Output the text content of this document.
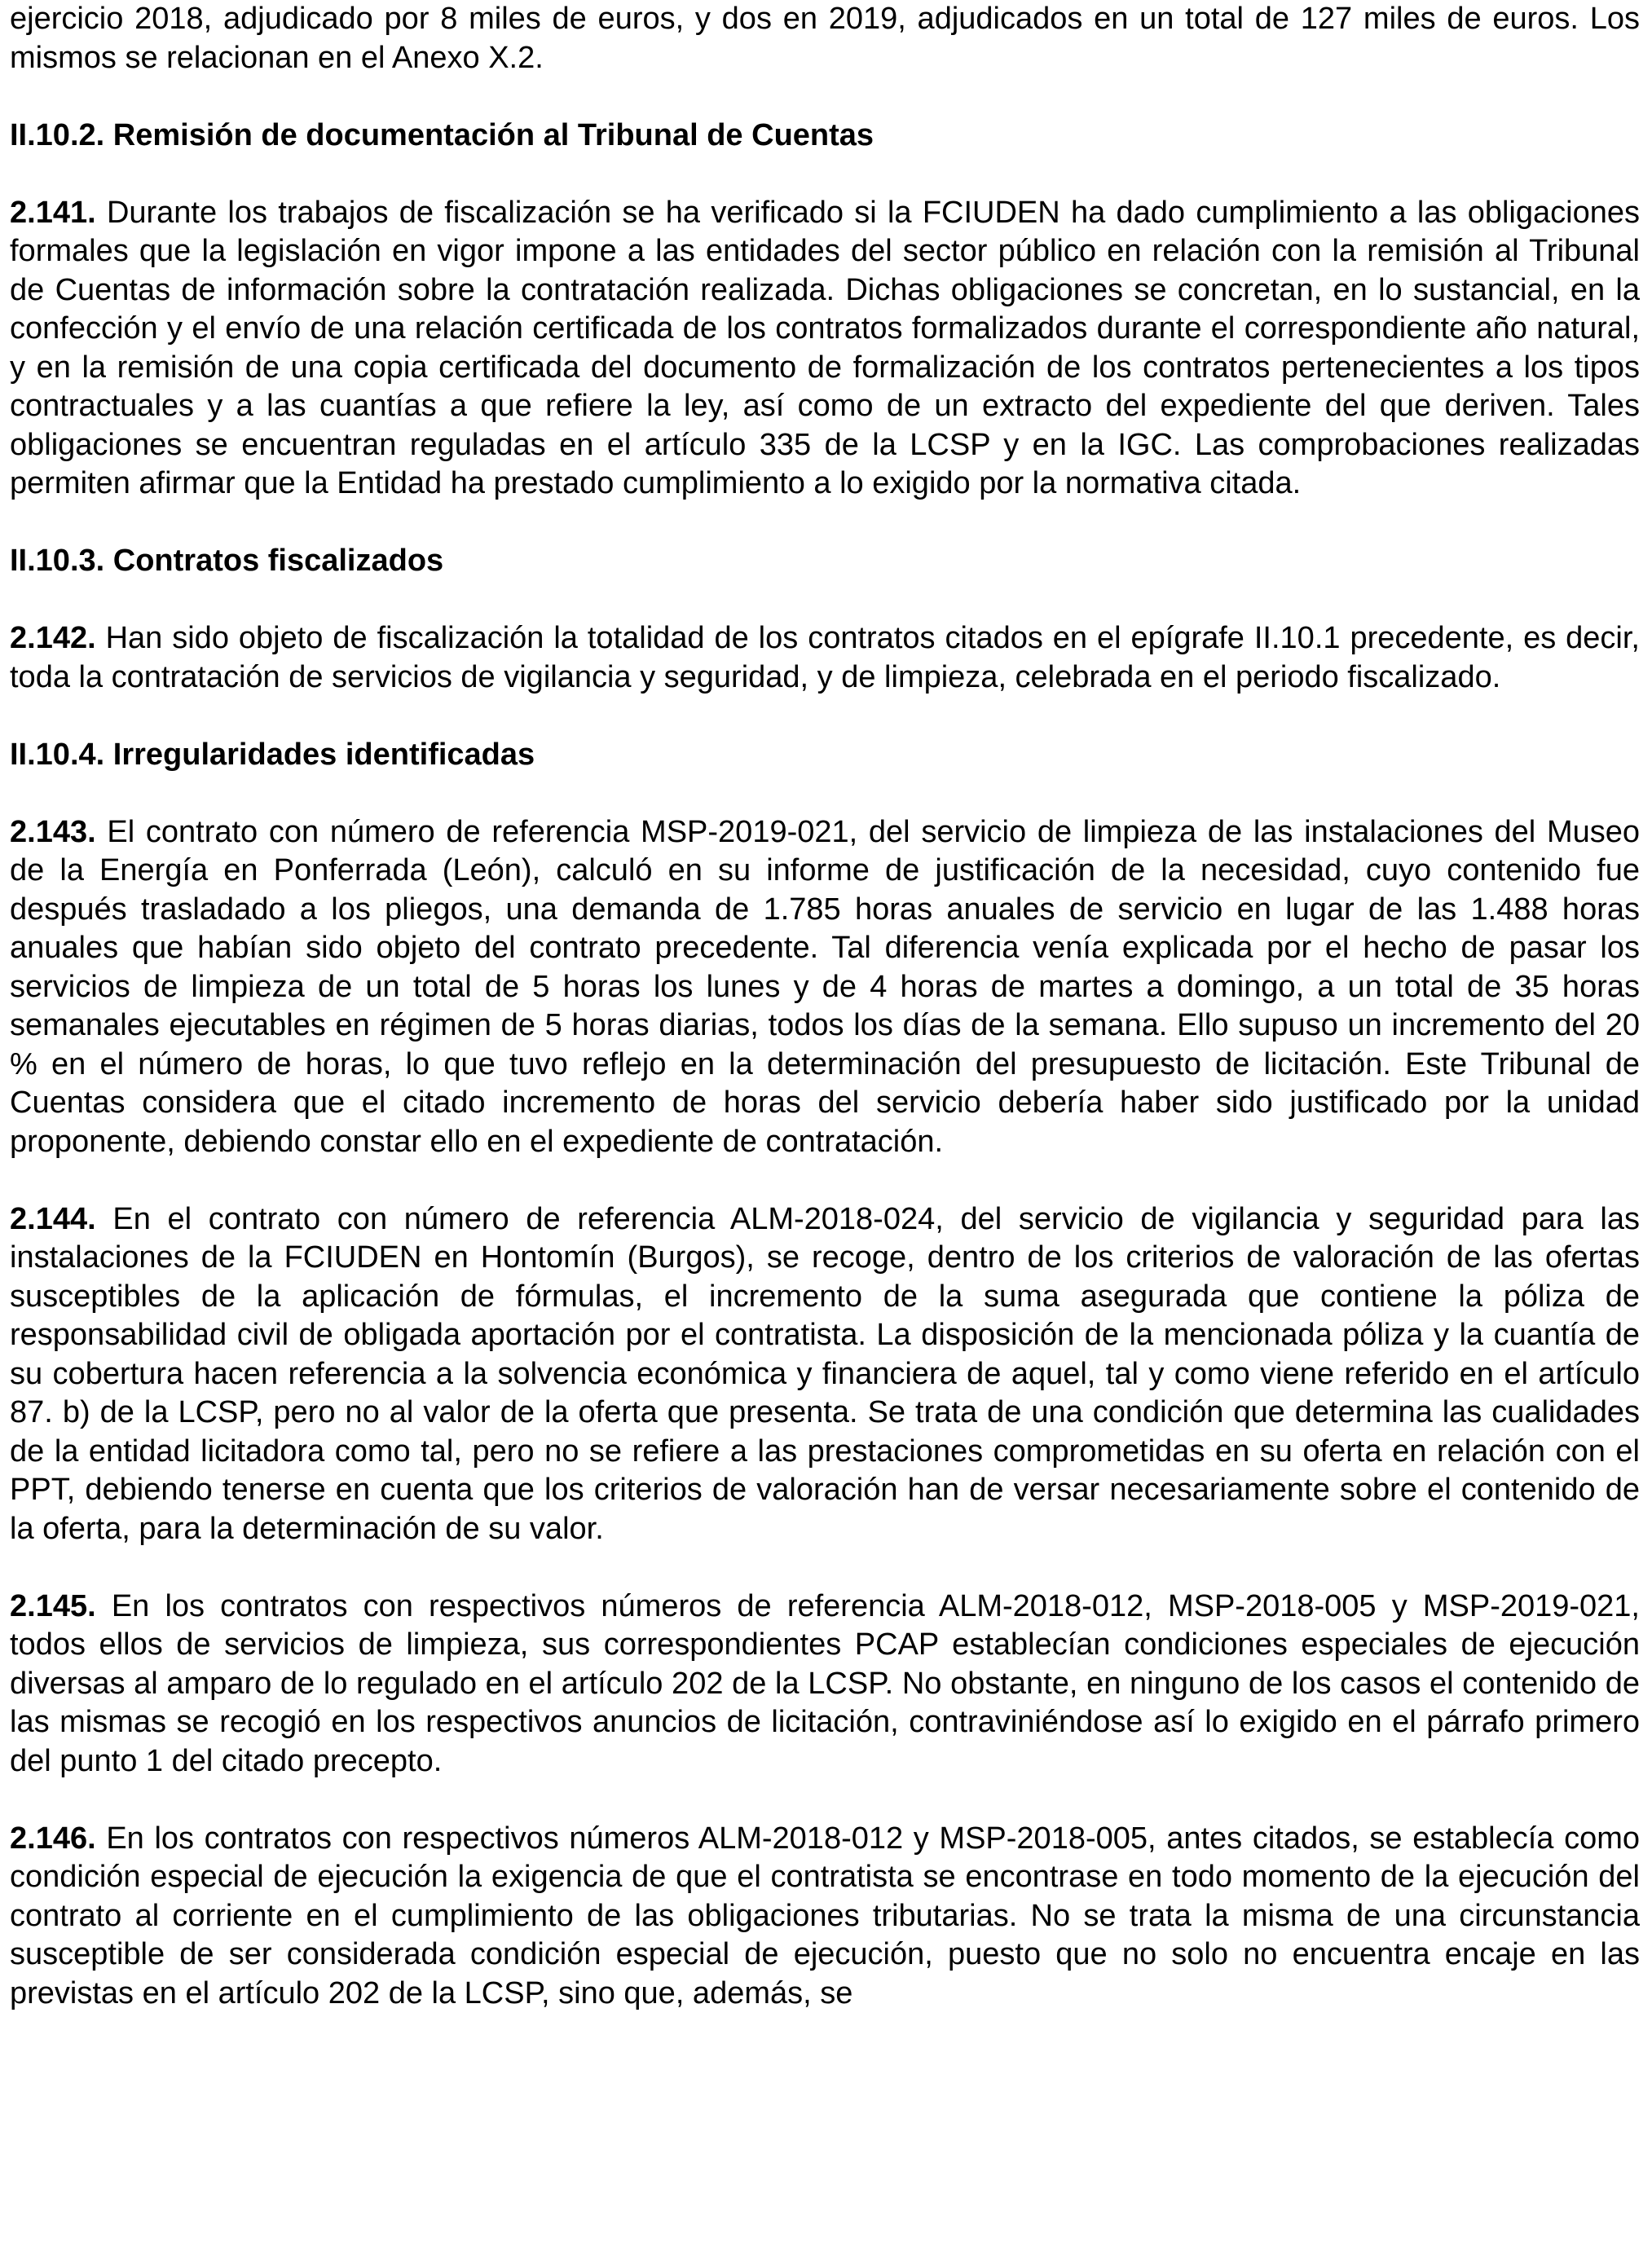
ejercicio 2018, adjudicado por 8 miles de euros, y dos en 2019, adjudicados en un total de 127 miles de euros. Los mismos se relacionan en el Anexo X.2.

II.10.2. Remisión de documentación al Tribunal de Cuentas

2.141. Durante los trabajos de fiscalización se ha verificado si la FCIUDEN ha dado cumplimiento a las obligaciones formales que la legislación en vigor impone a las entidades del sector público en relación con la remisión al Tribunal de Cuentas de información sobre la contratación realizada. Dichas obligaciones se concretan, en lo sustancial, en la confección y el envío de una relación certificada de los contratos formalizados durante el correspondiente año natural, y en la remisión de una copia certificada del documento de formalización de los contratos pertenecientes a los tipos contractuales y a las cuantías a que refiere la ley, así como de un extracto del expediente del que deriven. Tales obligaciones se encuentran reguladas en el artículo 335 de la LCSP y en la IGC. Las comprobaciones realizadas permiten afirmar que la Entidad ha prestado cumplimiento a lo exigido por la normativa citada.

II.10.3. Contratos fiscalizados

2.142. Han sido objeto de fiscalización la totalidad de los contratos citados en el epígrafe II.10.1 precedente, es decir, toda la contratación de servicios de vigilancia y seguridad, y de limpieza, celebrada en el periodo fiscalizado.

II.10.4. Irregularidades identificadas

2.143. El contrato con número de referencia MSP-2019-021, del servicio de limpieza de las instalaciones del Museo de la Energía en Ponferrada (León), calculó en su informe de justificación de la necesidad, cuyo contenido fue después trasladado a los pliegos, una demanda de 1.785 horas anuales de servicio en lugar de las 1.488 horas anuales que habían sido objeto del contrato precedente. Tal diferencia venía explicada por el hecho de pasar los servicios de limpieza de un total de 5 horas los lunes y de 4 horas de martes a domingo, a un total de 35 horas semanales ejecutables en régimen de 5 horas diarias, todos los días de la semana. Ello supuso un incremento del 20 % en el número de horas, lo que tuvo reflejo en la determinación del presupuesto de licitación. Este Tribunal de Cuentas considera que el citado incremento de horas del servicio debería haber sido justificado por la unidad proponente, debiendo constar ello en el expediente de contratación.

2.144. En el contrato con número de referencia ALM-2018-024, del servicio de vigilancia y seguridad para las instalaciones de la FCIUDEN en Hontomín (Burgos), se recoge, dentro de los criterios de valoración de las ofertas susceptibles de la aplicación de fórmulas, el incremento de la suma asegurada que contiene la póliza de responsabilidad civil de obligada aportación por el contratista. La disposición de la mencionada póliza y la cuantía de su cobertura hacen referencia a la solvencia económica y financiera de aquel, tal y como viene referido en el artículo 87. b) de la LCSP, pero no al valor de la oferta que presenta. Se trata de una condición que determina las cualidades de la entidad licitadora como tal, pero no se refiere a las prestaciones comprometidas en su oferta en relación con el PPT, debiendo tenerse en cuenta que los criterios de valoración han de versar necesariamente sobre el contenido de la oferta, para la determinación de su valor.

2.145. En los contratos con respectivos números de referencia ALM-2018-012, MSP-2018-005 y MSP-2019-021, todos ellos de servicios de limpieza, sus correspondientes PCAP establecían condiciones especiales de ejecución diversas al amparo de lo regulado en el artículo 202 de la LCSP. No obstante, en ninguno de los casos el contenido de las mismas se recogió en los respectivos anuncios de licitación, contraviniéndose así lo exigido en el párrafo primero del punto 1 del citado precepto.

2.146. En los contratos con respectivos números ALM-2018-012 y MSP-2018-005, antes citados, se establecía como condición especial de ejecución la exigencia de que el contratista se encontrase en todo momento de la ejecución del contrato al corriente en el cumplimiento de las obligaciones tributarias. No se trata la misma de una circunstancia susceptible de ser considerada condición especial de ejecución, puesto que no solo no encuentra encaje en las previstas en el artículo 202 de la LCSP, sino que, además, se
